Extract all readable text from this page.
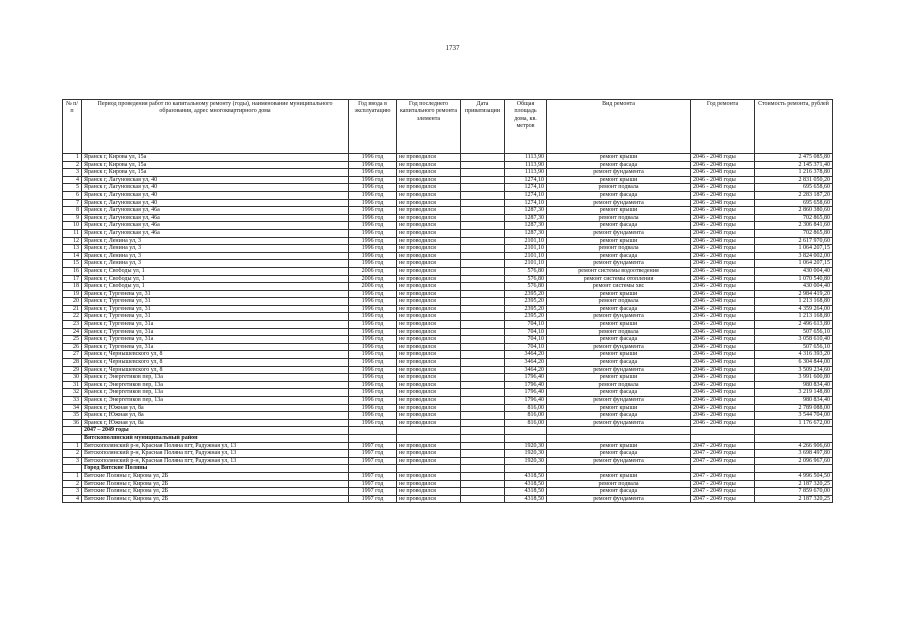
1737
№ п/п	Период проведения работ по капитальному ремонту (годы), наименование муниципального образования, адрес многоквартирного дома	Год ввода в эксплуатацию	Год последнего капитального ремонта элемента	Дата приватизации	Общая площадь дома, кв. метров	Вид ремонта	Год ремонта	Стоимость ремонта, рублей
1	Яранск г, Кирова ул, 15а	1996 год	не проводился		1113,90	ремонт крыши	2046 - 2048 годы	2 475 085,80
2	Яранск г, Кирова ул, 15а	1996 год	не проводился		1113,90	ремонт фасада	2046 - 2048 годы	2 145 371,40
3	Яранск г, Кирова ул, 15а	1996 год	не проводился		1113,90	ремонт фундамента	2046 - 2048 годы	1 216 378,80
4	Яранск г, Лагуновская ул, 40	1996 год	не проводился		1274,10	ремонт крыши	2046 - 2048 годы	2 831 050,20
5	Яранск г, Лагуновская ул, 40	1996 год	не проводился		1274,10	ремонт подвала	2046 - 2048 годы	695 658,60
6	Яранск г, Лагуновская ул, 40	1996 год	не проводился		1274,10	ремонт фасада	2046 - 2048 годы	2 283 187,20
7	Яранск г, Лагуновская ул, 40	1996 год	не проводился		1274,10	ремонт фундамента	2046 - 2048 годы	695 658,60
8	Яранск г, Лагуновская ул, 46а	1996 год	не проводился		1287,30	ремонт крыши	2046 - 2048 годы	2 860 380,60
9	Яранск г, Лагуновская ул, 46а	1996 год	не проводился		1287,30	ремонт подвала	2046 - 2048 годы	702 865,80
10	Яранск г, Лагуновская ул, 46а	1996 год	не проводился		1287,30	ремонт фасада	2046 - 2048 годы	2 306 841,60
11	Яранск г, Лагуновская ул, 46а	1996 год	не проводился		1287,30	ремонт фундамента	2046 - 2048 годы	702 865,80
12	Яранск г, Ленина ул, 3	1996 год	не проводился		2101,10	ремонт крыши	2046 - 2048 годы	2 617 970,60
13	Яранск г, Ленина ул, 3	1996 год	не проводился		2101,10	ремонт подвала	2046 - 2048 годы	1 064 207,15
14	Яранск г, Ленина ул, 3	1996 год	не проводился		2101,10	ремонт фасада	2046 - 2048 годы	3 824 002,00
15	Яранск г, Ленина ул, 3	1996 год	не проводился		2101,10	ремонт фундамента	2046 - 2048 годы	1 064 207,15
16	Яранск г, Свободы ул, 1	2006 год	не проводился		576,80	ремонт системы водоотведения	2046 - 2048 годы	430 004,40
17	Яранск г, Свободы ул, 1	2006 год	не проводился		576,80	ремонт системы отопления	2046 - 2048 годы	1 070 540,80
18	Яранск г, Свободы ул, 1	2006 год	не проводился		576,80	ремонт системы хвс	2046 - 2048 годы	430 004,40
19	Яранск г, Тургенева ул, 31	1996 год	не проводился		2395,20	ремонт крыши	2046 - 2048 годы	2 984 419,20
20	Яранск г, Тургенева ул, 31	1996 год	не проводился		2395,20	ремонт подвала	2046 - 2048 годы	1 213 168,80
21	Яранск г, Тургенева ул, 31	1996 год	не проводился		2395,20	ремонт фасада	2046 - 2048 годы	4 359 264,00
22	Яранск г, Тургенева ул, 31	1996 год	не проводился		2395,20	ремонт фундамента	2046 - 2048 годы	1 213 168,80
23	Яранск г, Тургенева ул, 31а	1996 год	не проводился		704,10	ремонт крыши	2046 - 2048 годы	2 496 613,80
24	Яранск г, Тургенева ул, 31а	1996 год	не проводился		704,10	ремонт подвала	2046 - 2048 годы	507 656,10
25	Яранск г, Тургенева ул, 31а	1996 год	не проводился		704,10	ремонт фасада	2046 - 2048 годы	3 058 610,40
26	Яранск г, Тургенева ул, 31а	1996 год	не проводился		704,10	ремонт фундамента	2046 - 2048 годы	507 656,10
27	Яранск г, Чернышевского ул, 8	1996 год	не проводился		3464,20	ремонт крыши	2046 - 2048 годы	4 316 393,20
28	Яранск г, Чернышевского ул, 8	1996 год	не проводился		3464,20	ремонт фасада	2046 - 2048 годы	6 304 844,00
29	Яранск г, Чернышевского ул, 8	1996 год	не проводился		3464,20	ремонт фундамента	2046 - 2048 годы	3 509 234,60
30	Яранск г, Энергетиков пер, 13а	1996 год	не проводился		1796,40	ремонт крыши	2046 - 2048 годы	3 991 600,80
31	Яранск г, Энергетиков пер, 13а	1996 год	не проводился		1796,40	ремонт подвала	2046 - 2048 годы	980 834,40
32	Яранск г, Энергетиков пер, 13а	1996 год	не проводился		1796,40	ремонт фасада	2046 - 2048 годы	3 219 148,80
33	Яранск г, Энергетиков пер, 13а	1996 год	не проводился		1796,40	ремонт фундамента	2046 - 2048 годы	980 834,40
34	Яранск г, Южная ул, 8а	1996 год	не проводился		816,00	ремонт крыши	2046 - 2048 годы	2 789 088,00
35	Яранск г, Южная ул, 8а	1996 год	не проводился		816,00	ремонт фасада	2046 - 2048 годы	3 544 704,00
36	Яранск г, Южная ул, 8а	1996 год	не проводился		816,00	ремонт фундамента	2046 - 2048 годы	1 176 672,00
	2047 – 2049 годы							
	Вятскополянский муниципальный район							
1	Вятскополянский р-н, Красная Поляна пгт, Радужная ул, 13	1997 год	не проводился		1920,30	ремонт крыши	2047 - 2049 годы	4 266 906,60
2	Вятскополянский р-н, Красная Поляна пгт, Радужная ул, 13	1997 год	не проводился		1920,30	ремонт фасада	2047 - 2049 годы	3 698 497,80
3	Вятскополянский р-н, Красная Поляна пгт, Радужная ул, 13	1997 год	не проводился		1920,30	ремонт фундамента	2047 - 2049 годы	2 096 967,60
	Город Вятские Поляны							
1	Вятские Поляны г, Кирова ул, 2Б	1997 год	не проводился		4318,50	ремонт крыши	2047 - 2049 годы	4 996 504,50
2	Вятские Поляны г, Кирова ул, 2Б	1997 год	не проводился		4318,50	ремонт подвала	2047 - 2049 годы	2 187 320,25
3	Вятские Поляны г, Кирова ул, 2Б	1997 год	не проводился		4318,50	ремонт фасада	2047 - 2049 годы	7 859 670,00
4	Вятские Поляны г, Кирова ул, 2Б	1997 год	не проводился		4318,50	ремонт фундамента	2047 - 2049 годы	2 187 320,25
